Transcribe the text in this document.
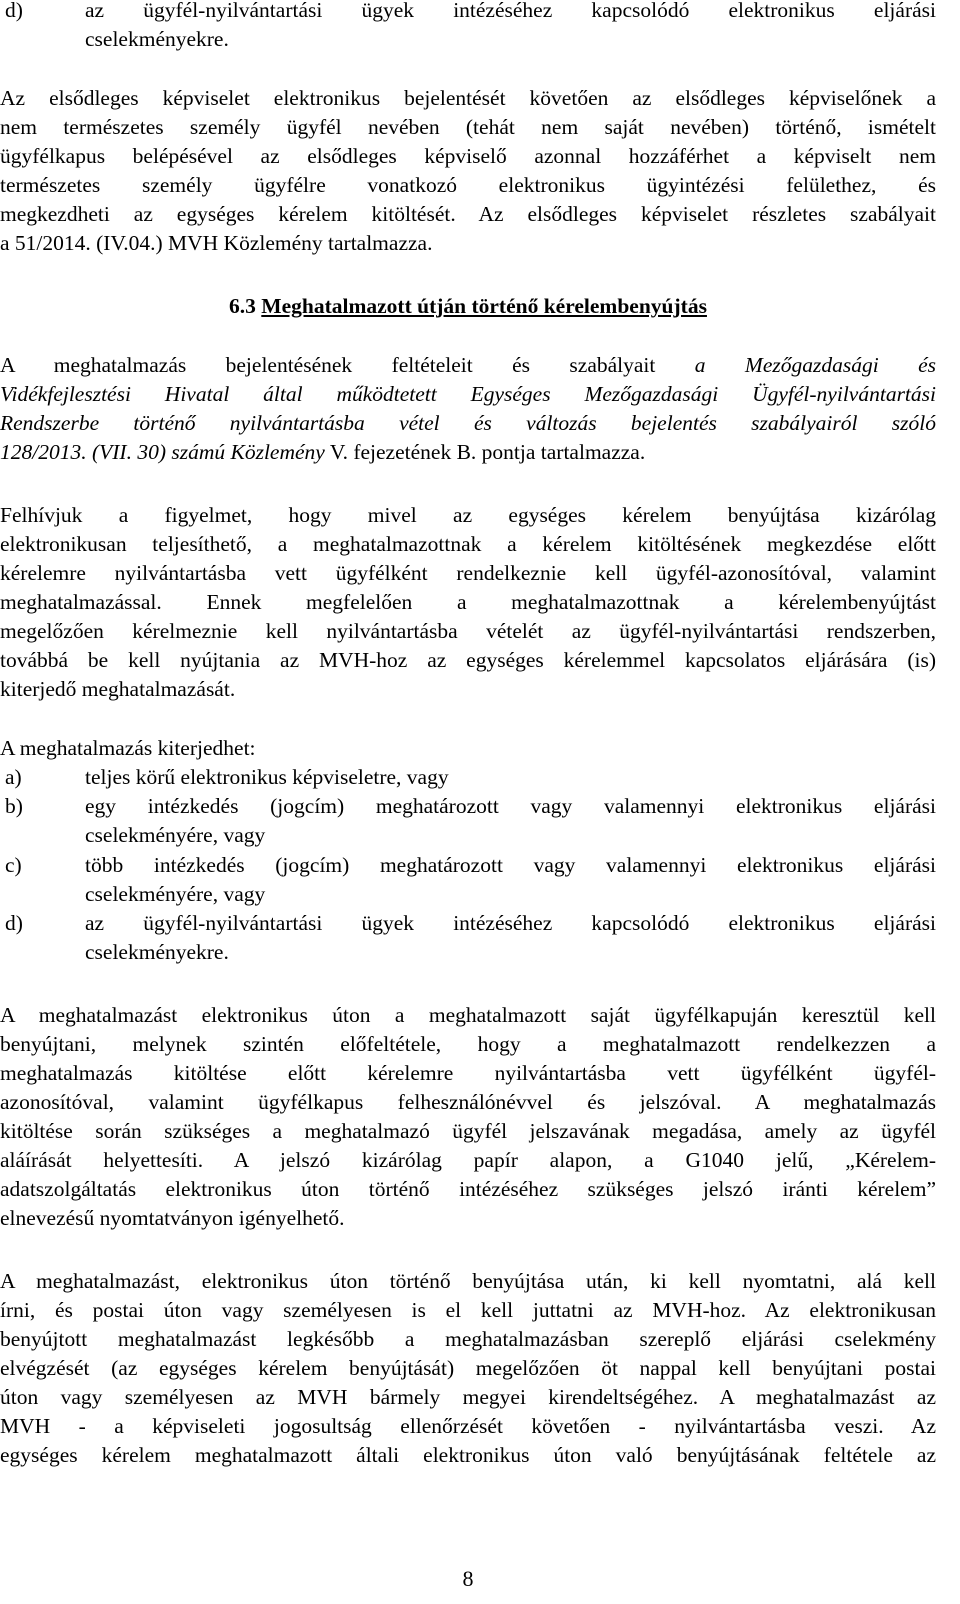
d)	az ügyfél-nyilvántartási ügyek intézéséhez kapcsolódó elektronikus eljárási
cselekményekre.
Az elsődleges képviselet elektronikus bejelentését követően az elsődleges képviselőnek a
nem természetes személy ügyfél nevében (tehát nem saját nevében) történő, ismételt
ügyfélkapus belépésével az elsődleges képviselő azonnal hozzáférhet a képviselt nem
természetes személy ügyfélre vonatkozó elektronikus ügyintézési felülethez, és
megkezdheti az egységes kérelem kitöltését. Az elsődleges képviselet részletes szabályait
a 51/2014. (IV.04.) MVH Közlemény tartalmazza.
6.3 Meghatalmazott útján történő kérelembenyújtás
A meghatalmazás bejelentésének feltételeit és szabályait a Mezőgazdasági és
Vidékfejlesztési Hivatal által működtetett Egységes Mezőgazdasági Ügyfél-nyilvántartási
Rendszerbe történő nyilvántartásba vétel és változás bejelentés szabályairól szóló
128/2013. (VII. 30) számú Közlemény V. fejezetének B. pontja tartalmazza.
Felhívjuk a figyelmet, hogy mivel az egységes kérelem benyújtása kizárólag
elektronikusan teljesíthető, a meghatalmazottnak a kérelem kitöltésének megkezdése előtt
kérelemre nyilvántartásba vett ügyfélként rendelkeznie kell ügyfél-azonosítóval, valamint
meghatalmazással. Ennek megfelelően a meghatalmazottnak a kérelembenyújtást
megelőzően kérelmeznie kell nyilvántartásba vételét az ügyfél-nyilvántartási rendszerben,
továbbá be kell nyújtania az MVH-hoz az egységes kérelemmel kapcsolatos eljárására (is)
kiterjedő meghatalmazását.
A meghatalmazás kiterjedhet:
a)	teljes körű elektronikus képviseletre, vagy
b)	egy intézkedés (jogcím) meghatározott vagy valamennyi elektronikus eljárási
cselekményére, vagy
c)	több intézkedés (jogcím) meghatározott vagy valamennyi elektronikus eljárási
cselekményére, vagy
d)	az ügyfél-nyilvántartási ügyek intézéséhez kapcsolódó elektronikus eljárási
cselekményekre.
A meghatalmazást elektronikus úton a meghatalmazott saját ügyfélkapuján keresztül kell
benyújtani, melynek szintén előfeltétele, hogy a meghatalmazott rendelkezzen a
meghatalmazás kitöltése előtt kérelemre nyilvántartásba vett ügyfélként ügyfél-
azonosítóval, valamint ügyfélkapus felhesználónévvel és jelszóval. A meghatalmazás
kitöltése során szükséges a meghatalmazó ügyfél jelszavának megadása, amely az ügyfél
aláírását helyettesíti. A jelszó kizárólag papír alapon, a G1040 jelű, „Kérelem-
adatszolgáltatás elektronikus úton történő intézéséhez szükséges jelszó iránti kérelem”
elnevezésű nyomtatványon igényelhető.
A meghatalmazást, elektronikus úton történő benyújtása után, ki kell nyomtatni, alá kell
írni, és postai úton vagy személyesen is el kell juttatni az MVH-hoz. Az elektronikusan
benyújtott meghatalmazást legkésőbb a meghatalmazásban szereplő eljárási cselekmény
elvégzését (az egységes kérelem benyújtását) megelőzően öt nappal kell benyújtani postai
úton vagy személyesen az MVH bármely megyei kirendeltségéhez. A meghatalmazást az
MVH - a képviseleti jogosultság ellenőrzését követően - nyilvántartásba veszi. Az
egységes kérelem meghatalmazott általi elektronikus úton való benyújtásának feltétele az
8
